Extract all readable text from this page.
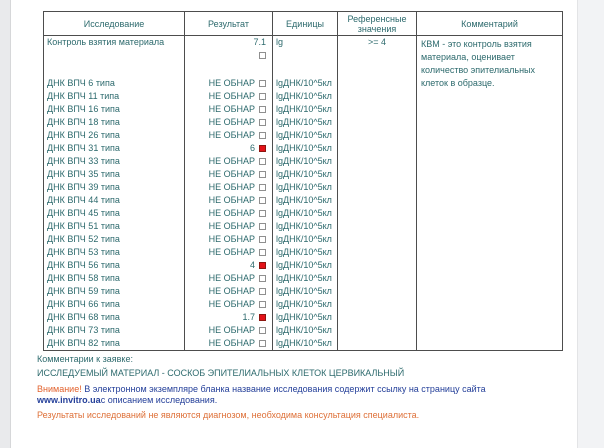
Исследование	Результат	Единицы	Референсные значения	Комментарий
Контроль взятия материала	7.1	lg	>= 4	КВМ - это контроль взятия материала, оценивает количество эпителиальных клеток в образце.

ДНК ВПЧ 6 типа	НЕ ОБНАР	lgДНК/10^5кл		
ДНК ВПЧ 11 типа	НЕ ОБНАР	lgДНК/10^5кл		
ДНК ВПЧ 16 типа	НЕ ОБНАР	lgДНК/10^5кл		
ДНК ВПЧ 18 типа	НЕ ОБНАР	lgДНК/10^5кл		
ДНК ВПЧ 26 типа	НЕ ОБНАР	lgДНК/10^5кл		
ДНК ВПЧ 31 типа	6	lgДНК/10^5кл		
ДНК ВПЧ 33 типа	НЕ ОБНАР	lgДНК/10^5кл		
ДНК ВПЧ 35 типа	НЕ ОБНАР	lgДНК/10^5кл		
ДНК ВПЧ 39 типа	НЕ ОБНАР	lgДНК/10^5кл		
ДНК ВПЧ 44 типа	НЕ ОБНАР	lgДНК/10^5кл		
ДНК ВПЧ 45 типа	НЕ ОБНАР	lgДНК/10^5кл		
ДНК ВПЧ 51 типа	НЕ ОБНАР	lgДНК/10^5кл		
ДНК ВПЧ 52 типа	НЕ ОБНАР	lgДНК/10^5кл		
ДНК ВПЧ 53 типа	НЕ ОБНАР	lgДНК/10^5кл		
ДНК ВПЧ 56 типа	4	lgДНК/10^5кл		
ДНК ВПЧ 58 типа	НЕ ОБНАР	lgДНК/10^5кл		
ДНК ВПЧ 59 типа	НЕ ОБНАР	lgДНК/10^5кл		
ДНК ВПЧ 66 типа	НЕ ОБНАР	lgДНК/10^5кл		
ДНК ВПЧ 68 типа	1.7	lgДНК/10^5кл		
ДНК ВПЧ 73 типа	НЕ ОБНАР	lgДНК/10^5кл		
ДНК ВПЧ 82 типа	НЕ ОБНАР	lgДНК/10^5кл		
Комментарии к заявке:
ИССЛЕДУЕМЫЙ МАТЕРИАЛ - СОСКОБ ЭПИТЕЛИАЛЬНЫХ КЛЕТОК ЦЕРВИКАЛЬНЫЙ
Внимание! В электронном экземпляре бланка название исследования содержит ссылку на страницу сайта
www.invitro.uaс описанием исследования.
Результаты исследований не являются диагнозом, необходима консультация специалиста.
